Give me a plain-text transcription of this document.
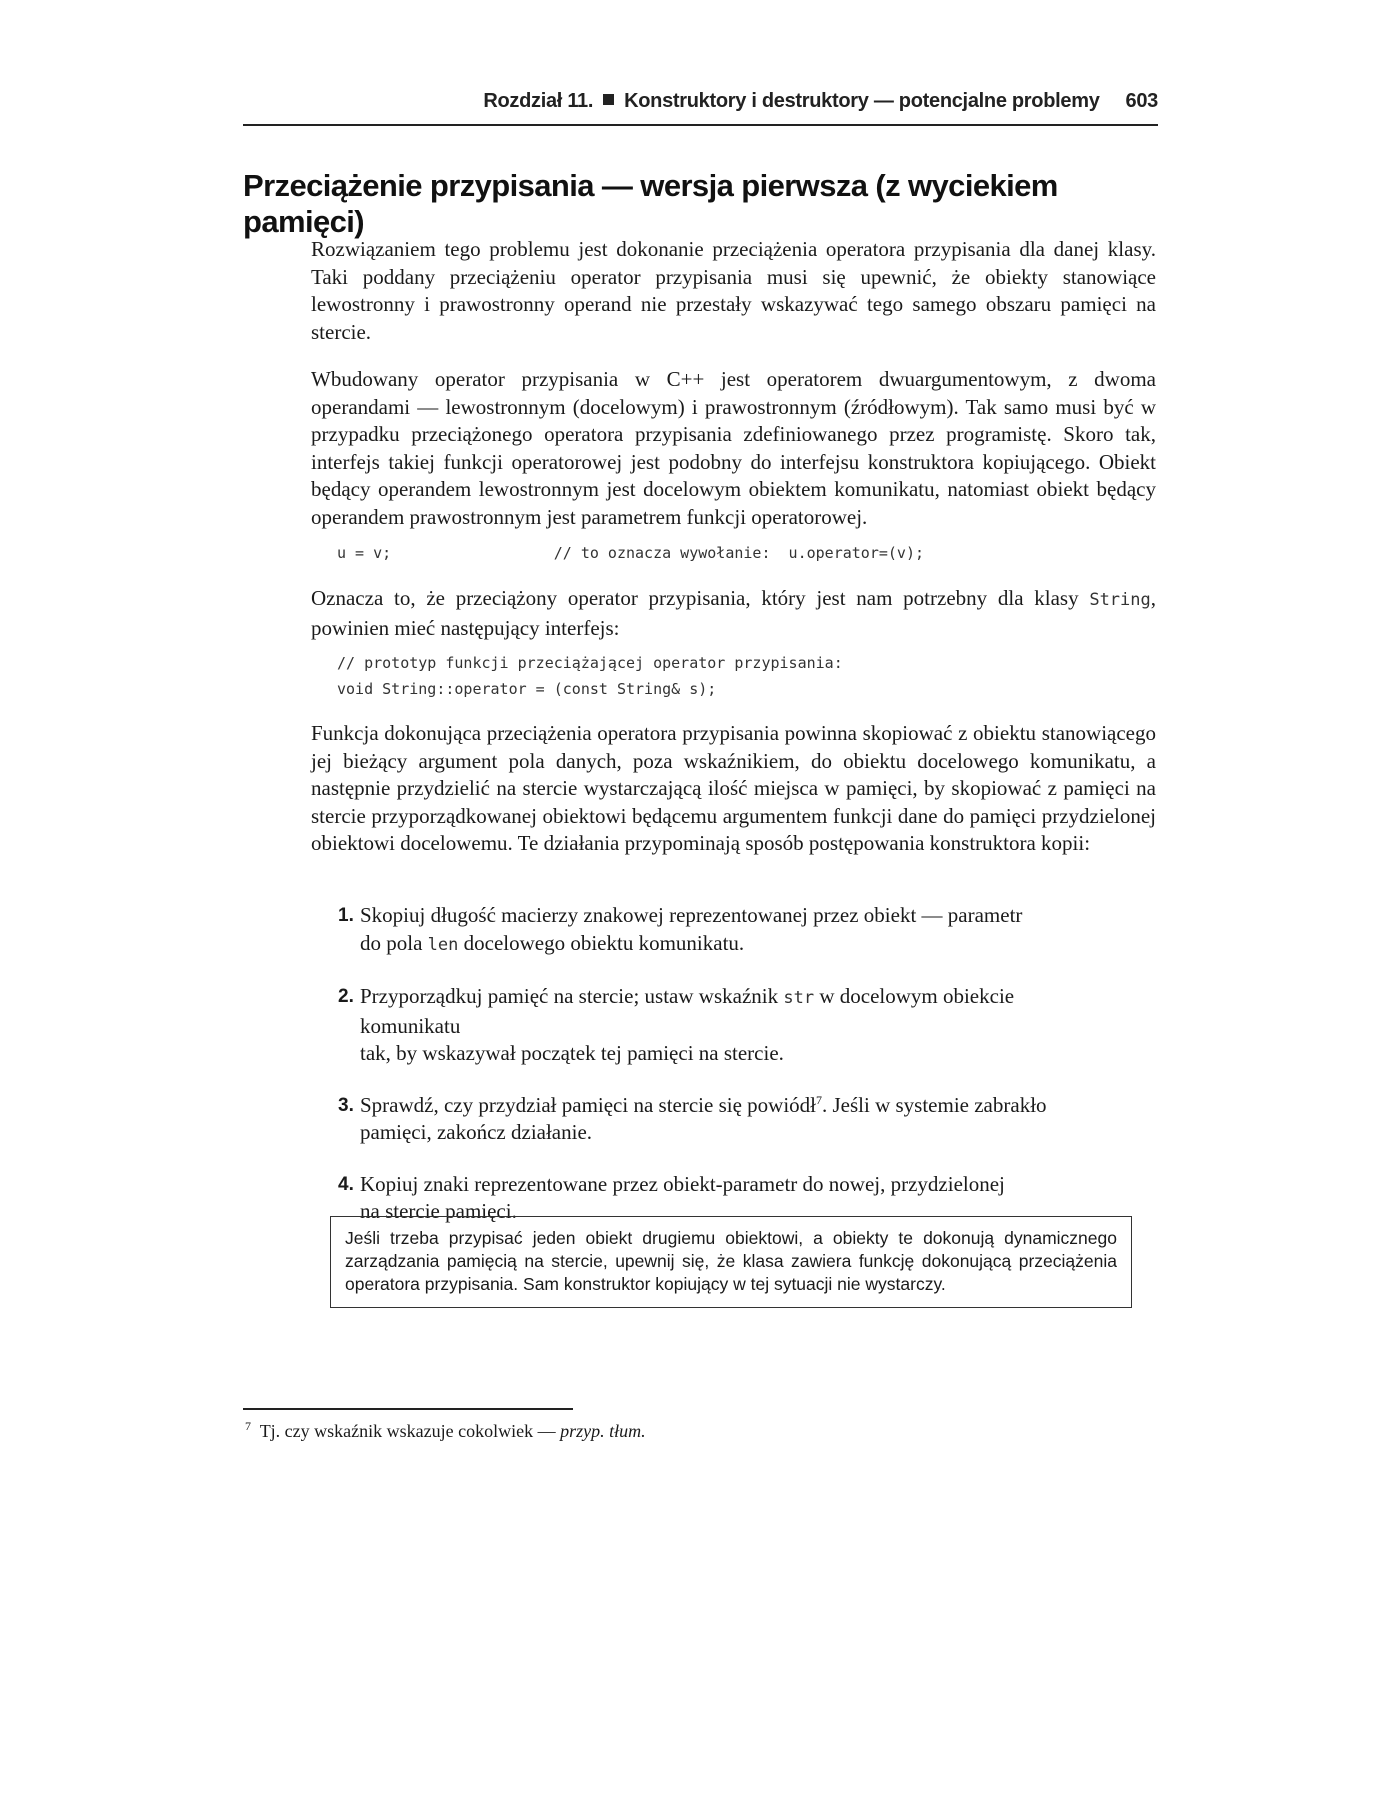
Rozdział 11. Konstruktory i destruktory — potencjalne problemy 603
Przeciążenie przypisania — wersja pierwsza (z wyciekiem pamięci)

Rozwiązaniem tego problemu jest dokonanie przeciążenia operatora przypisania dla danej klasy. Taki poddany przeciążeniu operator przypisania musi się upewnić, że obiekty stanowiące lewostronny i prawostronny operand nie przestały wskazywać tego samego obszaru pamięci na stercie.

Wbudowany operator przypisania w C++ jest operatorem dwuargumentowym, z dwoma operandami — lewostronnym (docelowym) i prawostronnym (źródłowym). Tak samo musi być w przypadku przeciążonego operatora przypisania zdefiniowanego przez programistę. Skoro tak, interfejs takiej funkcji operatorowej jest podobny do interfejsu konstruktora kopiującego. Obiekt będący operandem lewostronnym jest docelowym obiektem komunikatu, natomiast obiekt będący operandem prawostronnym jest parametrem funkcji operatorowej.

u = v;                  // to oznacza wywołanie:  u.operator=(v);

Oznacza to, że przeciążony operator przypisania, który jest nam potrzebny dla klasy String, powinien mieć następujący interfejs:

// prototyp funkcji przeciążającej operator przypisania:
void String::operator = (const String& s);

Funkcja dokonująca przeciążenia operatora przypisania powinna skopiować z obiektu stanowiącego jej bieżący argument pola danych, poza wskaźnikiem, do obiektu docelowego komunikatu, a następnie przydzielić na stercie wystarczającą ilość miejsca w pamięci, by skopiować z pamięci na stercie przyporządkowanej obiektowi będącemu argumentem funkcji dane do pamięci przydzielonej obiektowi docelowemu. Te działania przypominają sposób postępowania konstruktora kopii:

1. Skopiuj długość macierzy znakowej reprezentowanej przez obiekt — parametr
do pola len docelowego obiektu komunikatu.
2. Przyporządkuj pamięć na stercie; ustaw wskaźnik str w docelowym obiekcie komunikatu
tak, by wskazywał początek tej pamięci na stercie.
3. Sprawdź, czy przydział pamięci na stercie się powiódł$^7$. Jeśli w systemie zabrakło
pamięci, zakończ działanie.
4. Kopiuj znaki reprezentowane przez obiekt-parametr do nowej, przydzielonej
na stercie pamięci.
Jeśli trzeba przypisać jeden obiekt drugiemu obiektowi, a obiekty te dokonują dynamicznego zarządzania pamięcią na stercie, upewnij się, że klasa zawiera funkcję dokonującą przeciążenia operatora przypisania. Sam konstruktor kopiujący w tej sytuacji nie wystarczy.
$^7$ Tj. czy wskaźnik wskazuje cokolwiek — przyp. tłum.
